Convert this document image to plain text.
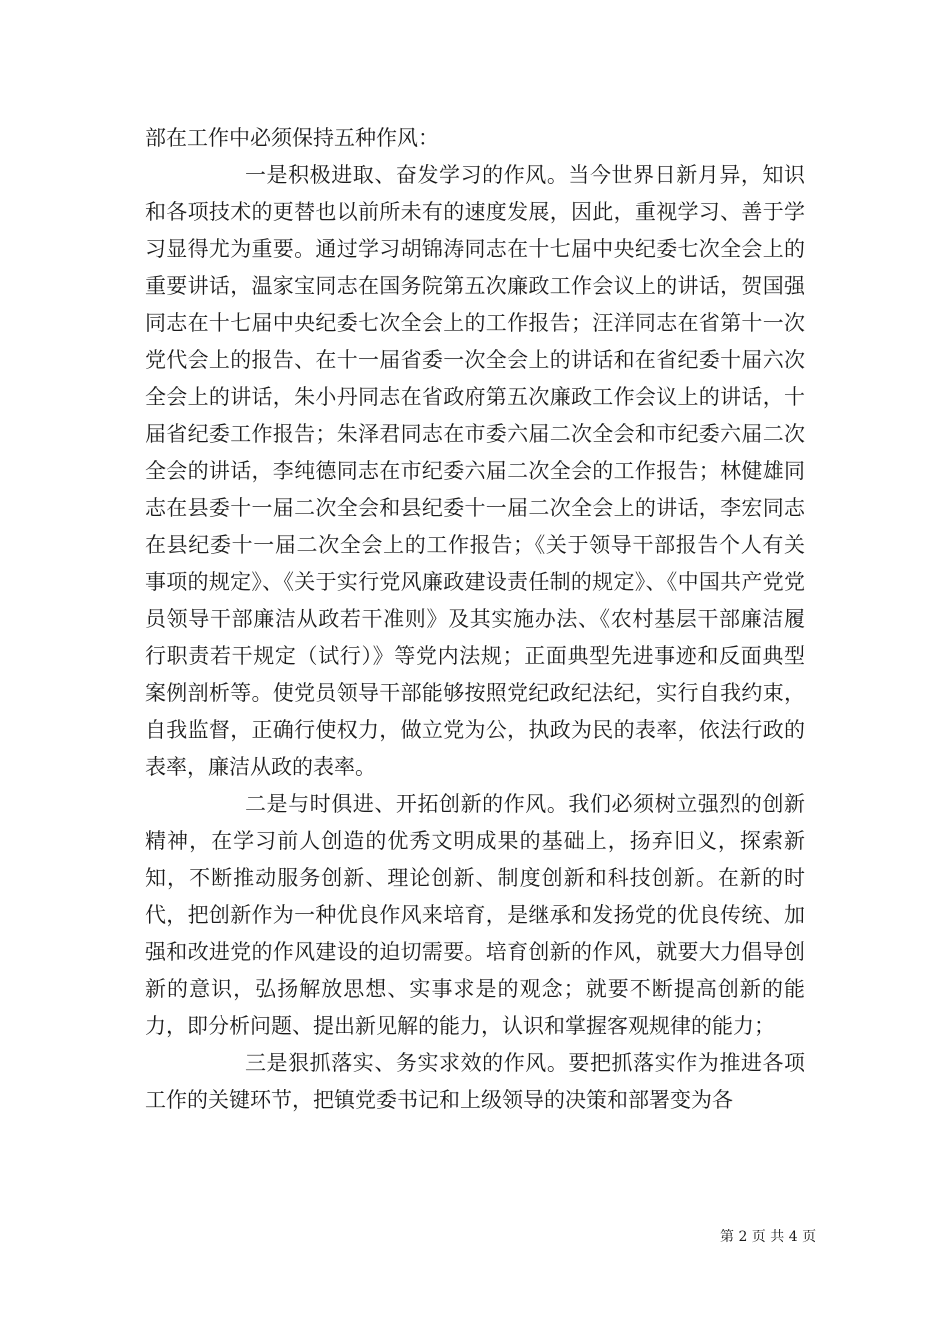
部在工作中必须保持五种作风：

一是积极进取、奋发学习的作风。当今世界日新月异，知识和各项技术的更替也以前所未有的速度发展，因此，重视学习、善于学习显得尤为重要。通过学习胡锦涛同志在十七届中央纪委七次全会上的重要讲话，温家宝同志在国务院第五次廉政工作会议上的讲话，贺国强同志在十七届中央纪委七次全会上的工作报告；汪洋同志在省第十一次党代会上的报告、在十一届省委一次全会上的讲话和在省纪委十届六次全会上的讲话，朱小丹同志在省政府第五次廉政工作会议上的讲话，十届省纪委工作报告；朱泽君同志在市委六届二次全会和市纪委六届二次全会的讲话，李纯德同志在市纪委六届二次全会的工作报告；林健雄同志在县委十一届二次全会和县纪委十一届二次全会上的讲话，李宏同志在县纪委十一届二次全会上的工作报告；《关于领导干部报告个人有关事项的规定》、《关于实行党风廉政建设责任制的规定》、《中国共产党党员领导干部廉洁从政若干准则》及其实施办法、《农村基层干部廉洁履行职责若干规定（试行）》等党内法规；正面典型先进事迹和反面典型案例剖析等。使党员领导干部能够按照党纪政纪法纪，实行自我约束，自我监督，正确行使权力，做立党为公，执政为民的表率，依法行政的表率，廉洁从政的表率。

二是与时俱进、开拓创新的作风。我们必须树立强烈的创新精神，在学习前人创造的优秀文明成果的基础上，扬弃旧义，探索新知，不断推动服务创新、理论创新、制度创新和科技创新。在新的时代，把创新作为一种优良作风来培育，是继承和发扬党的优良传统、加强和改进党的作风建设的迫切需要。培育创新的作风，就要大力倡导创新的意识，弘扬解放思想、实事求是的观念；就要不断提高创新的能力，即分析问题、提出新见解的能力，认识和掌握客观规律的能力；

三是狠抓落实、务实求效的作风。要把抓落实作为推进各项工作的关键环节，把镇党委书记和上级领导的决策和部署变为各

第 2 页 共 4 页
